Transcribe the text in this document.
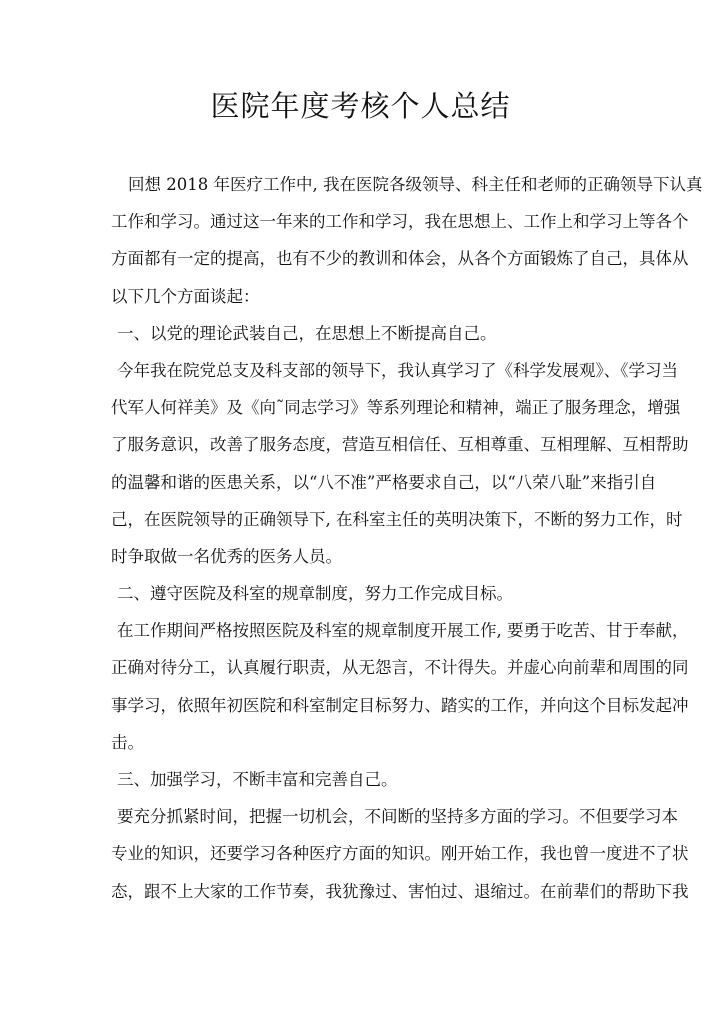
医院年度考核个人总结
回想 2018 年医疗工作中, 我在医院各级领导、科主任和老师的正确领导下认真
工作和学习。通过这一年来的工作和学习，我在思想上、工作上和学习上等各个
方面都有一定的提高，也有不少的教训和体会，从各个方面锻炼了自己，具体从
以下几个方面谈起：
一、以党的理论武装自己，在思想上不断提高自己。
今年我在院党总支及科支部的领导下，我认真学习了《科学发展观》、《学习当
代军人何祥美》及《向˜同志学习》等系列理论和精神，端正了服务理念，增强
了服务意识，改善了服务态度，营造互相信任、互相尊重、互相理解、互相帮助
的温馨和谐的医患关系，以“八不准”严格要求自己，以“八荣八耻”来指引自
己，在医院领导的正确领导下, 在科室主任的英明决策下，不断的努力工作，时
时争取做一名优秀的医务人员。
二、遵守医院及科室的规章制度，努力工作完成目标。
在工作期间严格按照医院及科室的规章制度开展工作, 要勇于吃苦、甘于奉献，
正确对待分工，认真履行职责，从无怨言，不计得失。并虚心向前辈和周围的同
事学习，依照年初医院和科室制定目标努力、踏实的工作，并向这个目标发起冲
击。
三、加强学习，不断丰富和完善自己。
要充分抓紧时间，把握一切机会，不间断的坚持多方面的学习。不但要学习本
专业的知识，还要学习各种医疗方面的知识。刚开始工作，我也曾一度进不了状
态，跟不上大家的工作节奏，我犹豫过、害怕过、退缩过。在前辈们的帮助下我
